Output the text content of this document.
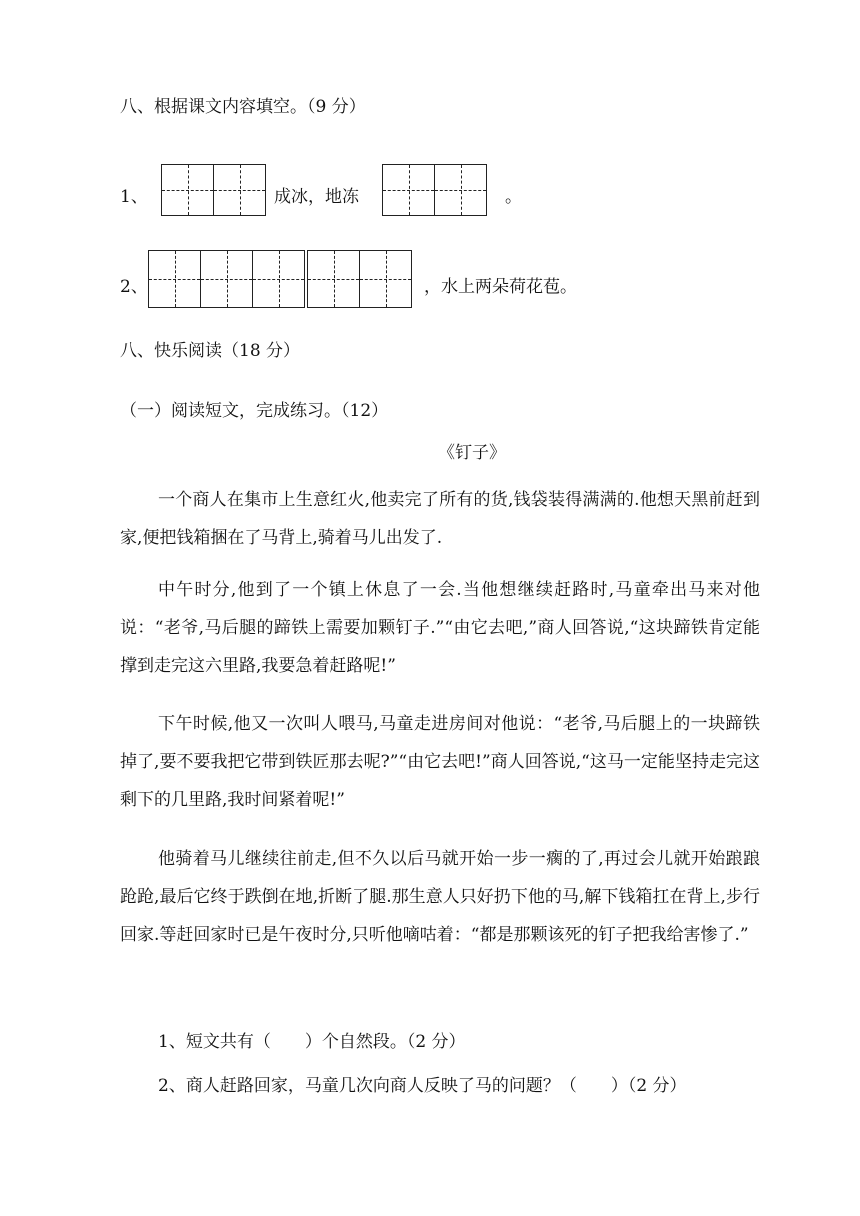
八、根据课文内容填空。（9 分）
1、	成冰，地冻	。
2、	，水上两朵荷花苞。
八、快乐阅读（18 分）
（一）阅读短文，完成练习。（12）
《钉子》
一个商人在集市上生意红火,他卖完了所有的货,钱袋装得满满的.他想天黑前赶到家,便把钱箱捆在了马背上,骑着马儿出发了.
中午时分,他到了一个镇上休息了一会.当他想继续赶路时,马童牵出马来对他说：“老爷,马后腿的蹄铁上需要加颗钉子.”“由它去吧,”商人回答说,“这块蹄铁肯定能撑到走完这六里路,我要急着赶路呢!”
下午时候,他又一次叫人喂马,马童走进房间对他说：“老爷,马后腿上的一块蹄铁掉了,要不要我把它带到铁匠那去呢?”“由它去吧!”商人回答说,“这马一定能坚持走完这剩下的几里路,我时间紧着呢!”
他骑着马儿继续往前走,但不久以后马就开始一步一瘸的了,再过会儿就开始踉踉跄跄,最后它终于跌倒在地,折断了腿.那生意人只好扔下他的马,解下钱箱扛在背上,步行回家.等赶回家时已是午夜时分,只听他嘀咕着：“都是那颗该死的钉子把我给害惨了.”
1、短文共有（　　）个自然段。（2 分）
2、商人赶路回家，马童几次向商人反映了马的问题？（　　）（2 分）
